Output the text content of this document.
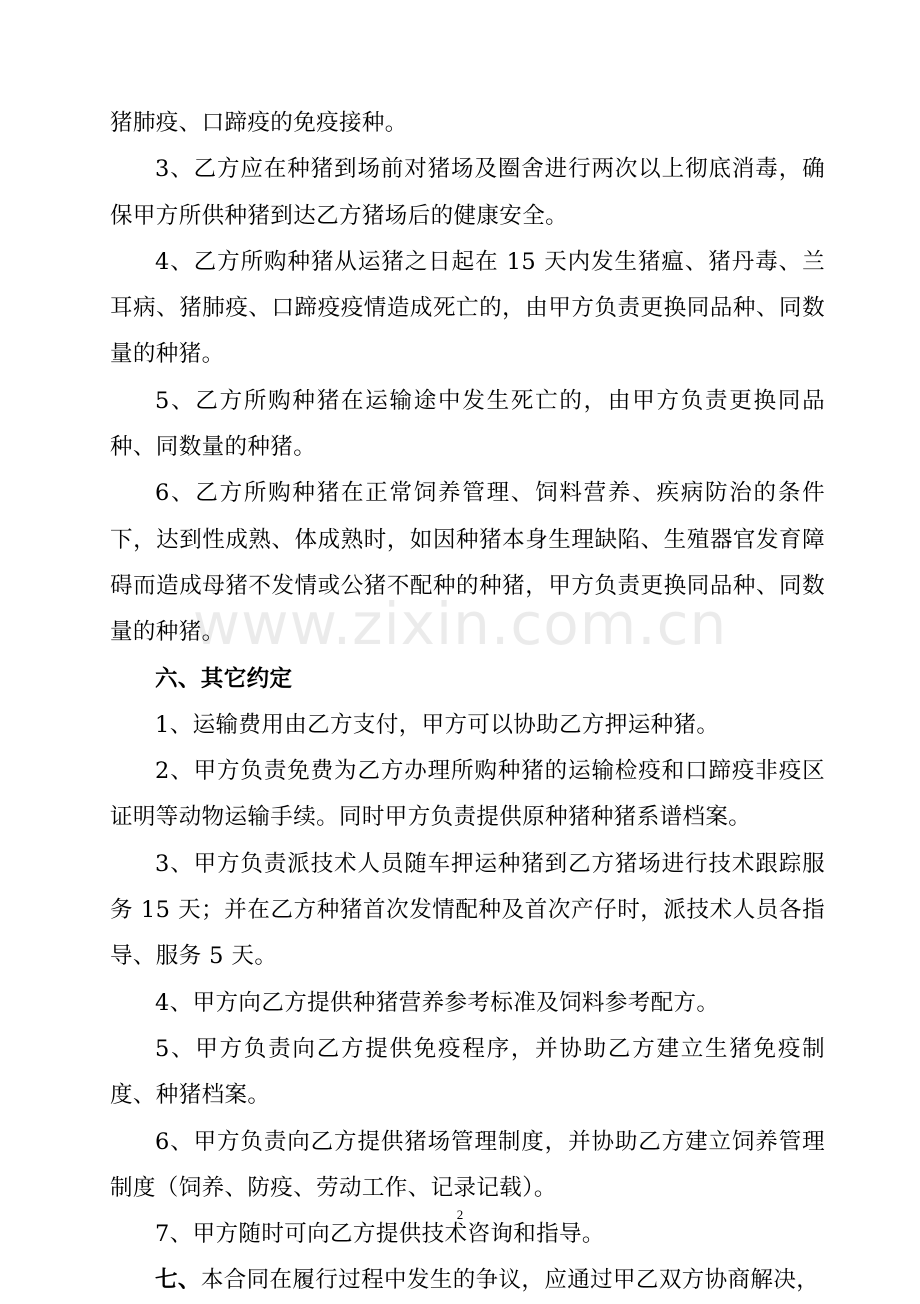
猪肺疫、口蹄疫的免疫接种。

3、乙方应在种猪到场前对猪场及圈舍进行两次以上彻底消毒，确保甲方所供种猪到达乙方猪场后的健康安全。

4、乙方所购种猪从运猪之日起在 15 天内发生猪瘟、猪丹毒、兰耳病、猪肺疫、口蹄疫疫情造成死亡的，由甲方负责更换同品种、同数量的种猪。

5、乙方所购种猪在运输途中发生死亡的，由甲方负责更换同品种、同数量的种猪。

6、乙方所购种猪在正常饲养管理、饲料营养、疾病防治的条件下，达到性成熟、体成熟时，如因种猪本身生理缺陷、生殖器官发育障碍而造成母猪不发情或公猪不配种的种猪，甲方负责更换同品种、同数量的种猪。

六、其它约定

1、运输费用由乙方支付，甲方可以协助乙方押运种猪。

2、甲方负责免费为乙方办理所购种猪的运输检疫和口蹄疫非疫区证明等动物运输手续。同时甲方负责提供原种猪种猪系谱档案。

3、甲方负责派技术人员随车押运种猪到乙方猪场进行技术跟踪服务 15 天；并在乙方种猪首次发情配种及首次产仔时，派技术人员各指导、服务 5 天。

4、甲方向乙方提供种猪营养参考标准及饲料参考配方。

5、甲方负责向乙方提供免疫程序，并协助乙方建立生猪免疫制度、种猪档案。

6、甲方负责向乙方提供猪场管理制度，并协助乙方建立饲养管理制度（饲养、防疫、劳动工作、记录记载）。

7、甲方随时可向乙方提供技术咨询和指导。

七、本合同在履行过程中发生的争议，应通过甲乙双方协商解决，

www.zixin.com.cn
2
